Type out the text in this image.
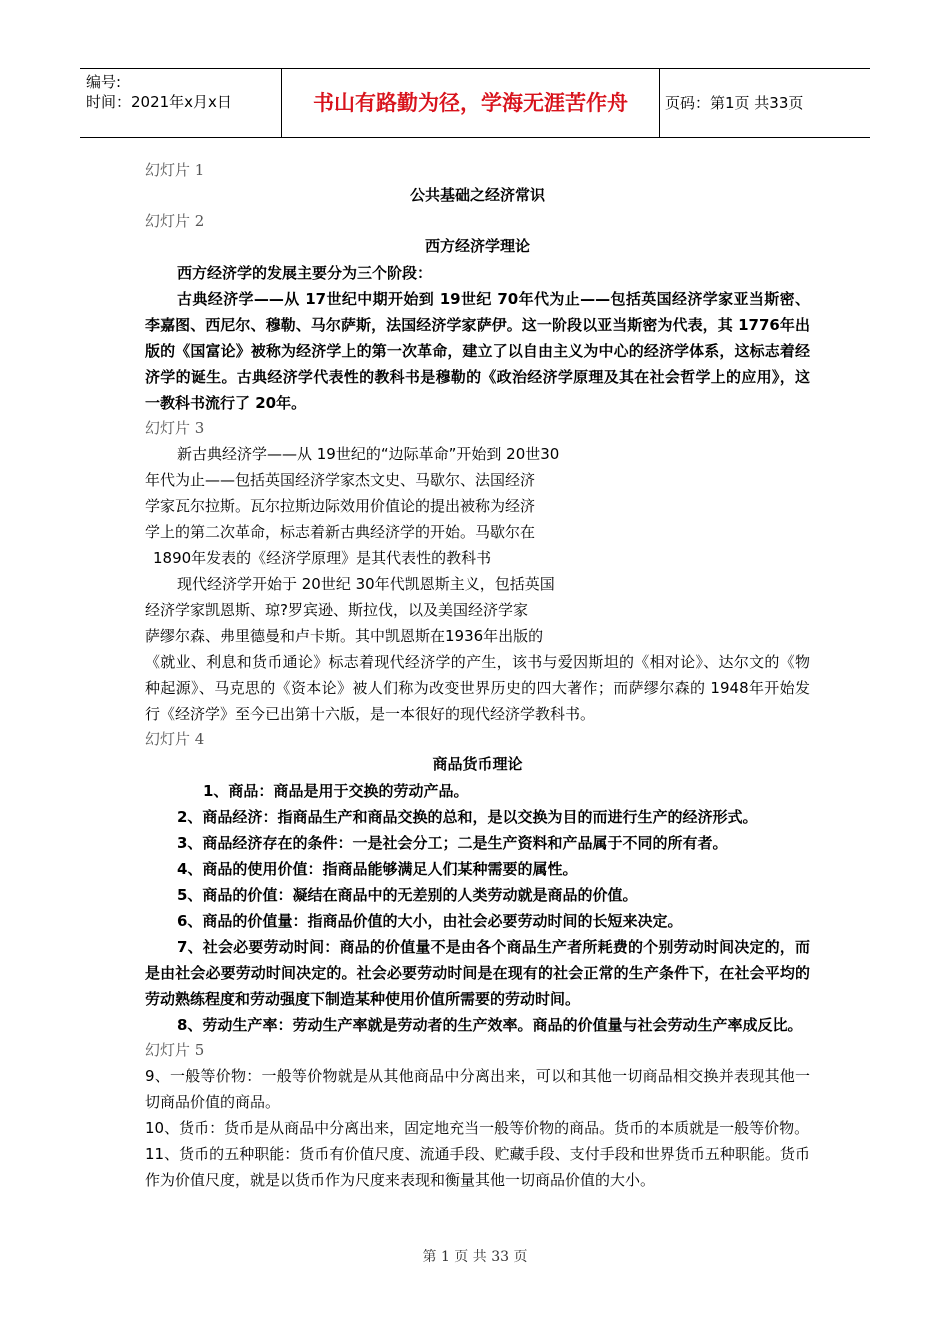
编号:
时间：2021年x月x日	书山有路勤为径，学海无涯苦作舟	页码：第1页 共33页
幻灯片 1
公共基础之经济常识
幻灯片 2
西方经济学理论

西方经济学的发展主要分为三个阶段：

古典经济学——从 17世纪中期开始到 19世纪 70年代为止——包括英国经济学家亚当斯密、李嘉图、西尼尔、穆勒、马尔萨斯，法国经济学家萨伊。这一阶段以亚当斯密为代表，其 1776年出版的《国富论》被称为经济学上的第一次革命，建立了以自由主义为中心的经济学体系，这标志着经济学的诞生。古典经济学代表性的教科书是穆勒的《政治经济学原理及其在社会哲学上的应用》，这一教科书流行了 20年。

幻灯片 3

新古典经济学——从 19世纪的“边际革命”开始到 20世30

年代为止——包括英国经济学家杰文史、马歇尔、法国经济

学家瓦尔拉斯。瓦尔拉斯边际效用价值论的提出被称为经济

学上的第二次革命，标志着新古典经济学的开始。马歇尔在

1890年发表的《经济学原理》是其代表性的教科书

现代经济学开始于 20世纪 30年代凯恩斯主义，包括英国

经济学家凯恩斯、琼?罗宾逊、斯拉伐，以及美国经济学家

萨缪尔森、弗里德曼和卢卡斯。其中凯恩斯在1936年出版的

《就业、利息和货币通论》标志着现代经济学的产生，该书与爱因斯坦的《相对论》、达尔文的《物种起源》、马克思的《资本论》被人们称为改变世界历史的四大著作；而萨缪尔森的 1948年开始发行《经济学》至今已出第十六版，是一本很好的现代经济学教科书。

幻灯片 4
商品货币理论

1、商品：商品是用于交换的劳动产品。

2、商品经济：指商品生产和商品交换的总和，是以交换为目的而进行生产的经济形式。

3、商品经济存在的条件：一是社会分工；二是生产资料和产品属于不同的所有者。

4、商品的使用价值：指商品能够满足人们某种需要的属性。

5、商品的价值：凝结在商品中的无差别的人类劳动就是商品的价值。

6、商品的价值量：指商品价值的大小，由社会必要劳动时间的长短来决定。

7、社会必要劳动时间：商品的价值量不是由各个商品生产者所耗费的个别劳动时间决定的，而是由社会必要劳动时间决定的。社会必要劳动时间是在现有的社会正常的生产条件下，在社会平均的劳动熟练程度和劳动强度下制造某种使用价值所需要的劳动时间。

8、劳动生产率：劳动生产率就是劳动者的生产效率。商品的价值量与社会劳动生产率成反比。

幻灯片 5

9、一般等价物：一般等价物就是从其他商品中分离出来，可以和其他一切商品相交换并表现其他一切商品价值的商品。

10、货币：货币是从商品中分离出来，固定地充当一般等价物的商品。货币的本质就是一般等价物。

11、货币的五种职能：货币有价值尺度、流通手段、贮藏手段、支付手段和世界货币五种职能。货币作为价值尺度，就是以货币作为尺度来表现和衡量其他一切商品价值的大小。

第 1 页 共 33 页
